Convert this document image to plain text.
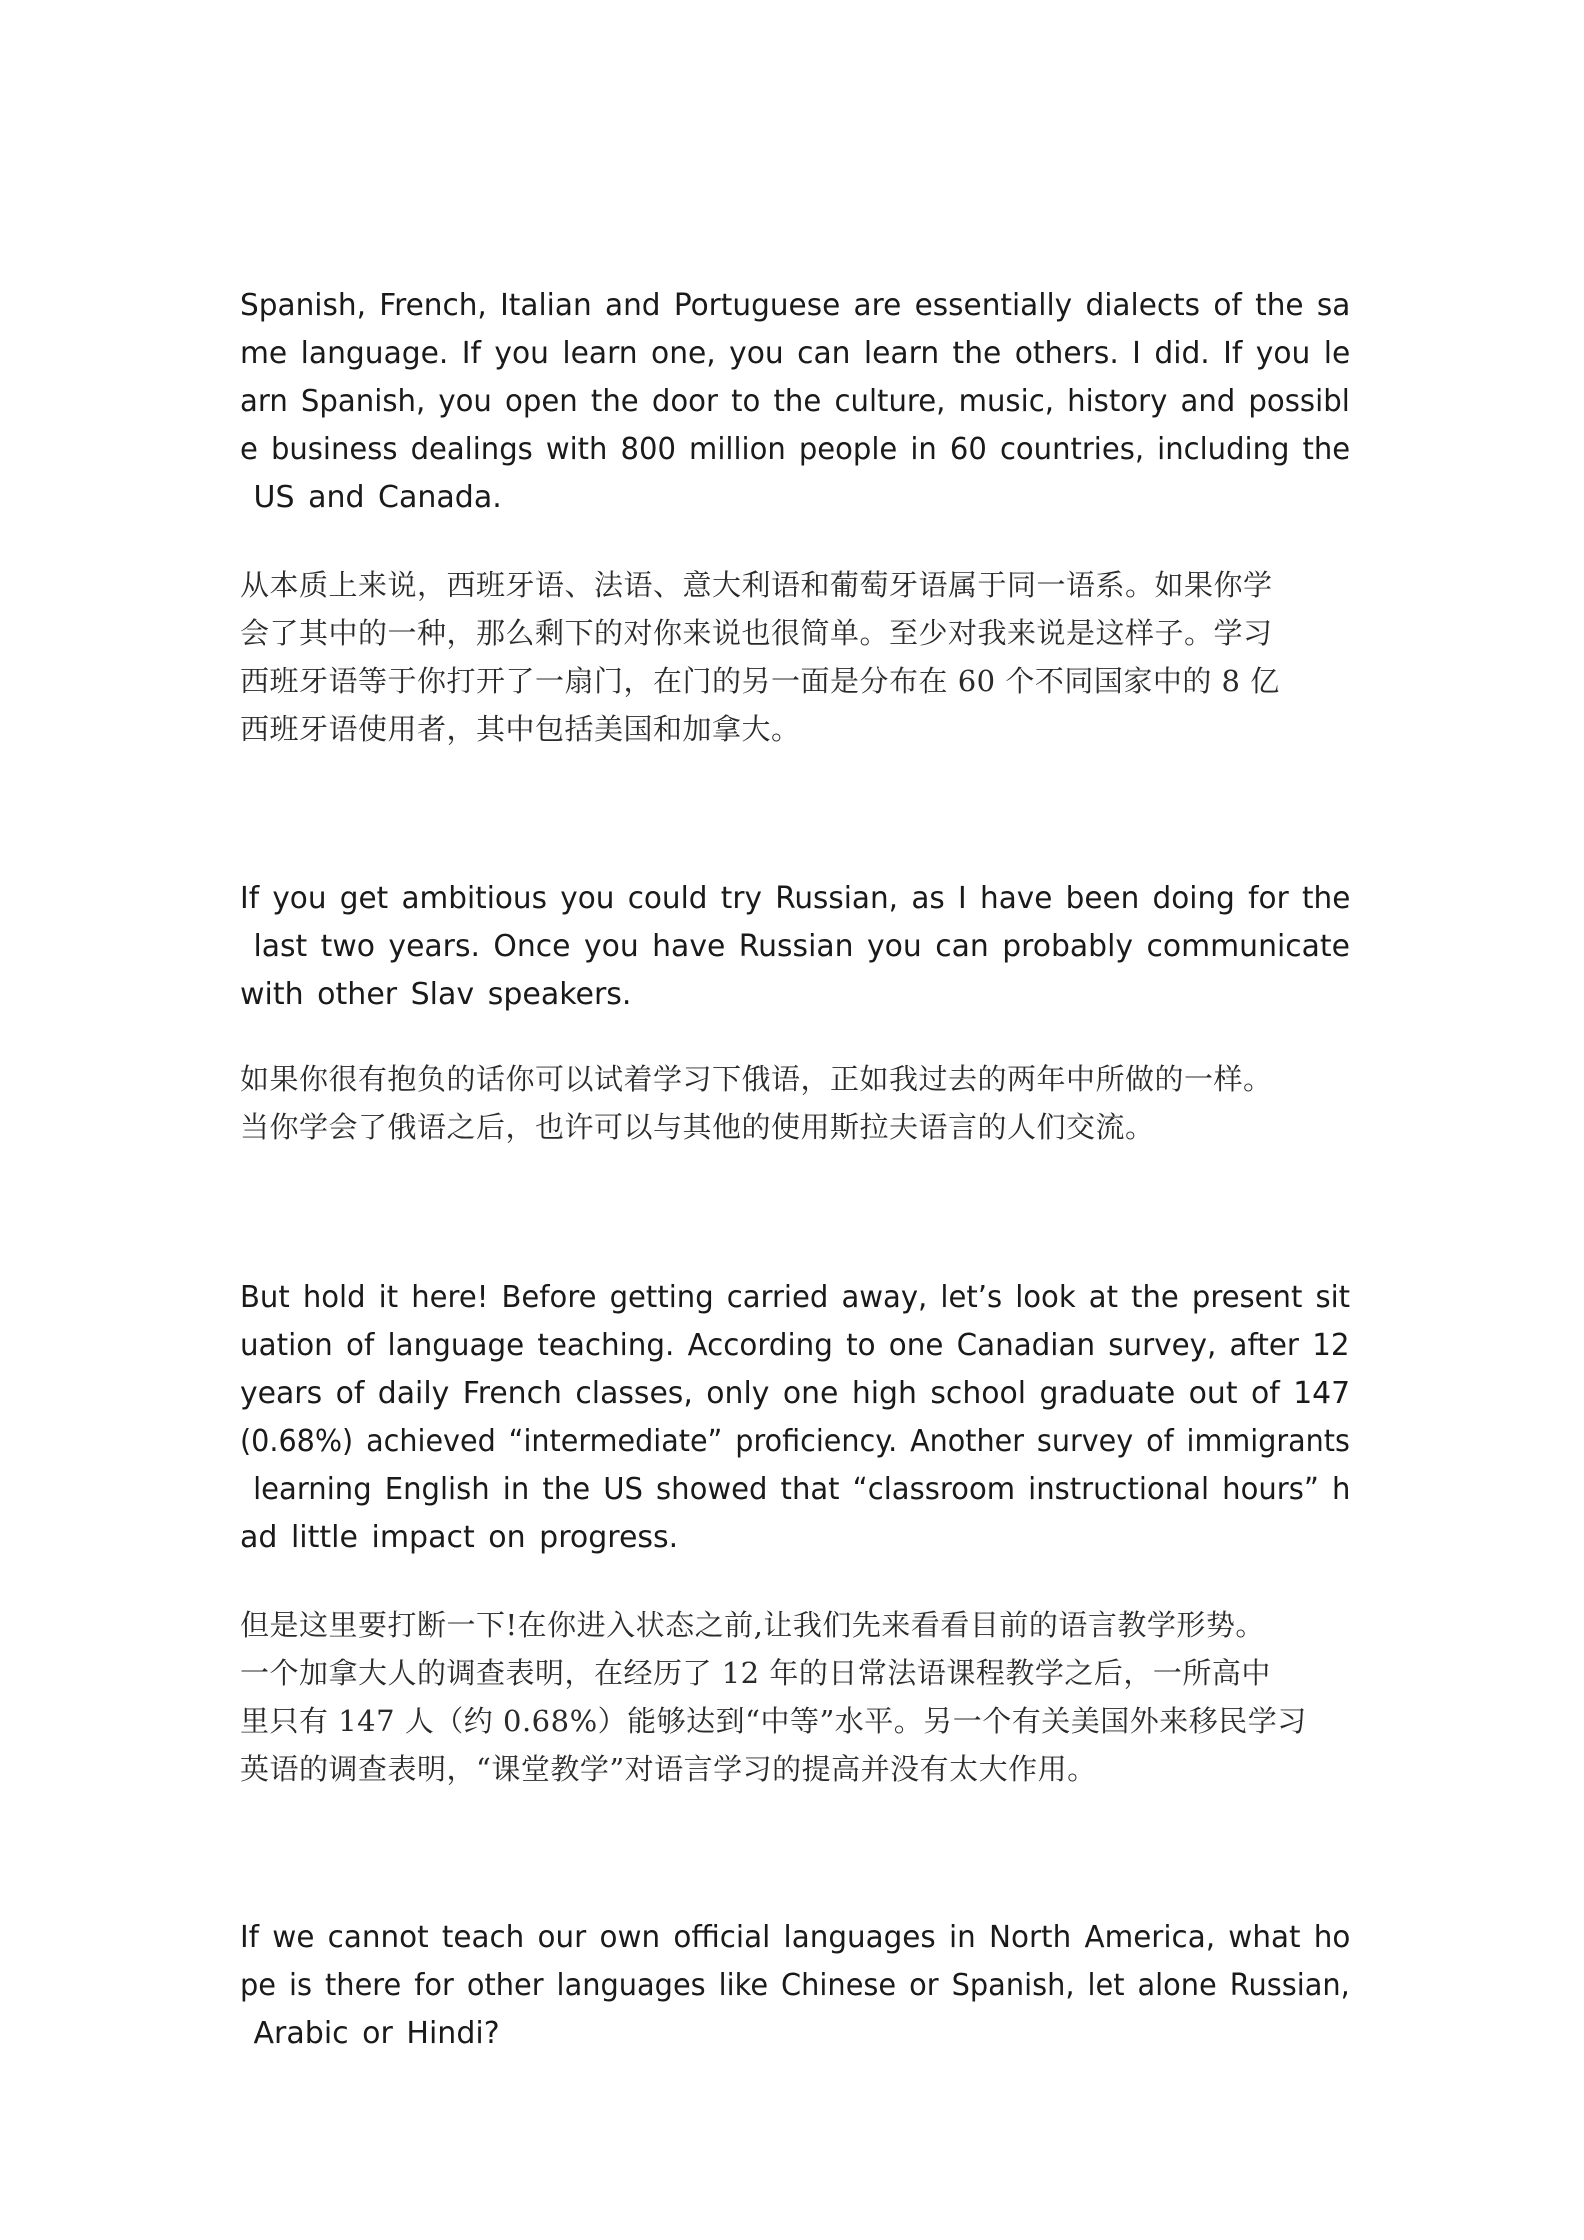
Spanish, French, Italian and Portuguese are essentially dialects of the sa
me language. If you learn one, you can learn the others. I did. If you le
arn Spanish, you open the door to the culture, music, history and possibl
e business dealings with 800 million people in 60 countries, including the
US and Canada.
从本质上来说，西班牙语、法语、意大利语和葡萄牙语属于同一语系。如果你学
会了其中的一种，那么剩下的对你来说也很简单。至少对我来说是这样子。学习
西班牙语等于你打开了一扇门，在门的另一面是分布在 60 个不同国家中的 8 亿
西班牙语使用者，其中包括美国和加拿大。
If you get ambitious you could try Russian, as I have been doing for the
last two years. Once you have Russian you can probably communicate
with other Slav speakers.
如果你很有抱负的话你可以试着学习下俄语，正如我过去的两年中所做的一样。
当你学会了俄语之后，也许可以与其他的使用斯拉夫语言的人们交流。
But hold it here! Before getting carried away, let’s look at the present sit
uation of language teaching. According to one Canadian survey, after 12
years of daily French classes, only one high school graduate out of 147
(0.68%) achieved “intermediate” proficiency. Another survey of immigrants
learning English in the US showed that “classroom instructional hours” h
ad little impact on progress.
但是这里要打断一下!在你进入状态之前,让我们先来看看目前的语言教学形势。
一个加拿大人的调查表明，在经历了 12 年的日常法语课程教学之后，一所高中
里只有 147 人（约 0.68%）能够达到“中等”水平。另一个有关美国外来移民学习
英语的调查表明，“课堂教学”对语言学习的提高并没有太大作用。
If we cannot teach our own official languages in North America, what ho
pe is there for other languages like Chinese or Spanish, let alone Russian,
Arabic or Hindi?
